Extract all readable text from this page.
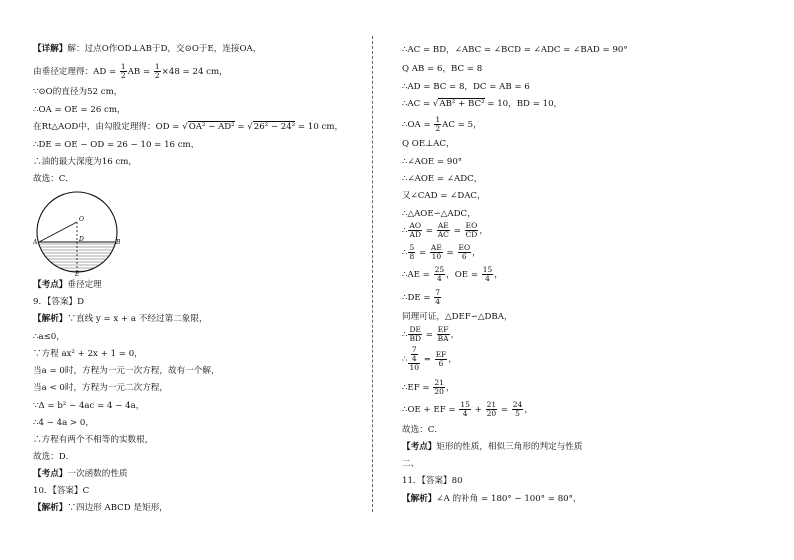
【详解】解：过点O作OD⊥AB于D，交⊙O于E，连接OA，
由垂径定理得：AD = $\frac{1}{2}$ AB = $\frac{1}{2} \times 48 = 24$ cm，
∵⊙O的直径为52 cm，
∴OA = OE = 26 cm，
在Rt△AOD中，由勾股定理得：OD = √OA² − AD² = √26² − 24² = 10 cm，
∴DE = OE − OD = 26 − 10 = 16 cm，
∴油的最大深度为16 cm，
故选：C．
【考点】垂径定理
9．【答案】D
【解析】∵直线 y = x + a 不经过第二象限，
∴a≤0，
∵方程 ax² + 2x + 1 = 0，
当a = 0时，方程为一元一次方程，故有一个解，
当a < 0时，方程为一元二次方程，
∵Δ = b² − 4ac = 4 − 4a，
∴4 − 4a > 0，
∴方程有两个不相等的实数根，
故选：D．
【考点】一次函数的性质
10．【答案】C
【解析】∵四边形 ABCD 是矩形，
O
A	B
D
E
∴AC = BD，∠ABC = ∠BCD = ∠ADC = ∠BAD = 90°
Q AB = 6，BC = 8
∴AD = BC = 8，DC = AB = 6
∴AC = √AB² + BC² = 10，BD = 10，
∴OA = $\frac{1}{2}$ AC = 5，
Q OE⊥AC，
∴∠AOE = 90°
∴∠AOE = ∠ADC，
又∠CAD = ∠DAC，
∴△AOE∽△ADC，
∴ $\frac{AO}{AD} = \frac{AE}{AC} = \frac{EO}{CD}$ ，
∴ $\frac{5}{8} = \frac{AE}{10} = \frac{EO}{6}$ ，
∴AE = $\frac{25}{4}$ ，OE = $\frac{15}{4}$ ，
∴DE = $\frac{7}{4}$
同理可证，△DEF∽△DBA，
∴ $\frac{DE}{BD} = \frac{EF}{BA}$ ，
∴ $\frac{\frac{7}{4}}{10} = \frac{EF}{6}$ ，
∴EF = $\frac{21}{20}$ ，
∴OE + EF = $\frac{15}{4} + \frac{21}{20} = \frac{24}{5}$ ，
故选：C．
【考点】矩形的性质，相似三角形的判定与性质
二、
11．【答案】80
【解析】∠A 的补角 = 180° − 100° = 80°，
